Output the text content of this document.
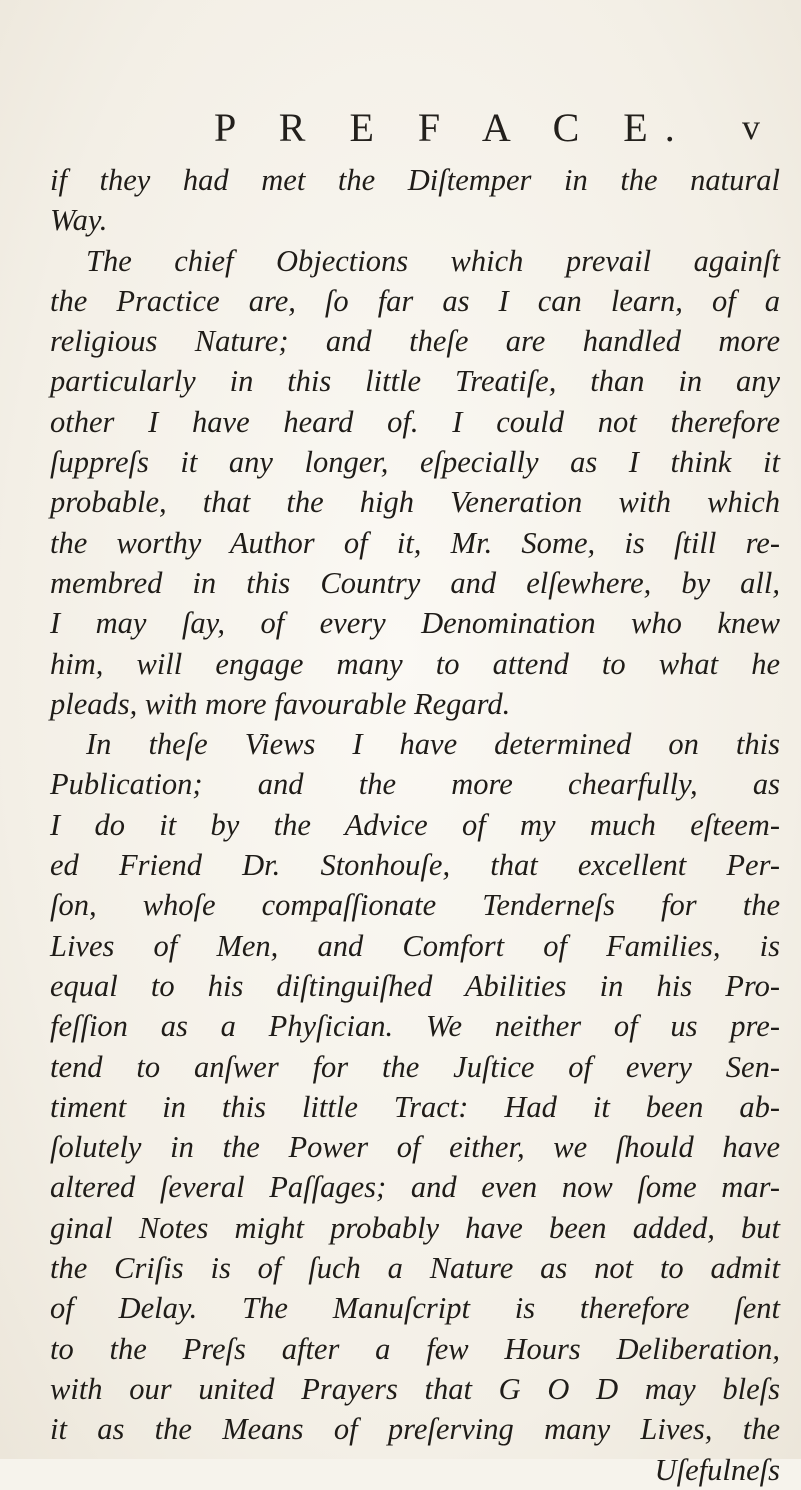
P R E F A C E. v
if they had met the Diſtemper in the natural
Way.
The chief Objections which prevail againſt
the Practice are, ſo far as I can learn, of a
religious Nature; and theſe are handled more
particularly in this little Treatiſe, than in any
other I have heard of. I could not therefore
ſuppreſs it any longer, eſpecially as I think it
probable, that the high Veneration with which
the worthy Author of it, Mr. Some, is ſtill re-
membred in this Country and elſewhere, by all,
I may ſay, of every Denomination who knew
him, will engage many to attend to what he
pleads, with more favourable Regard.
In theſe Views I have determined on this
Publication; and the more chearfully, as
I do it by the Advice of my much eſteem-
ed Friend Dr. Stonhouſe, that excellent Per-
ſon, whoſe compaſſionate Tenderneſs for the
Lives of Men, and Comfort of Families, is
equal to his diſtinguiſhed Abilities in his Pro-
feſſion as a Phyſician. We neither of us pre-
tend to anſwer for the Juſtice of every Sen-
timent in this little Tract: Had it been ab-
ſolutely in the Power of either, we ſhould have
altered ſeveral Paſſages; and even now ſome mar-
ginal Notes might probably have been added, but
the Criſis is of ſuch a Nature as not to admit
of Delay. The Manuſcript is therefore ſent
to the Preſs after a few Hours Deliberation,
with our united Prayers that G O D may bleſs
it as the Means of preſerving many Lives, the
Uſefulneſs
